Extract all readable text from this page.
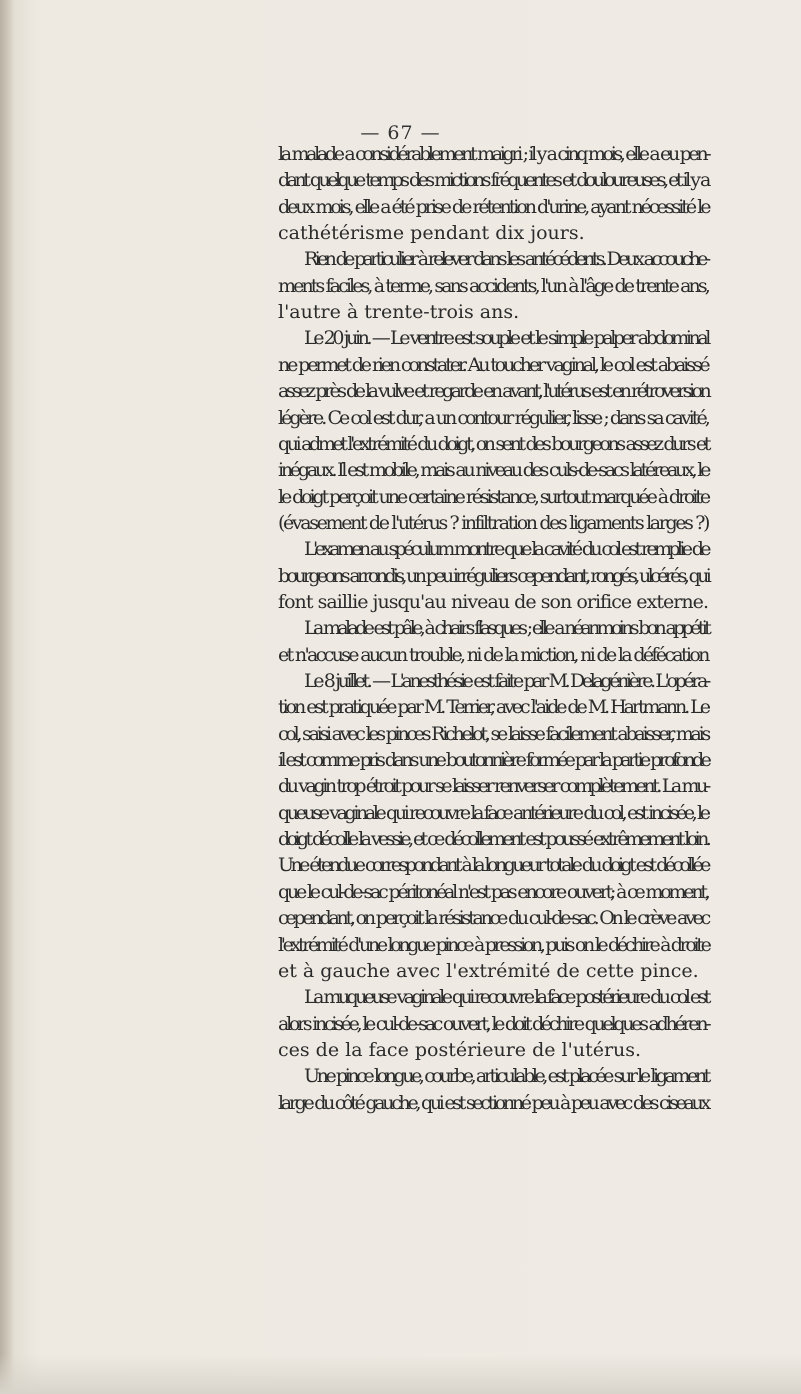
— 67 —
la malade a considérablement maigri ; il y a cinq mois, elle a eu pen-
dant quelque temps des mictions fréquentes et douloureuses, et il y a
deux mois, elle a été prise de rétention d'urine, ayant nécessité le
cathétérisme pendant dix jours.
Rien de particulier à relever dans les antécédents. Deux accouche-
ments faciles, à terme, sans accidents, l'un à l'âge de trente ans,
l'autre à trente-trois ans.
Le 20 juin. — Le ventre est souple et le simple palper abdominal
ne permet de rien constater. Au toucher vaginal, le col est abaissé
assez près de la vulve et regarde en avant, l'utérus est en rétroversion
légère. Ce col est dur, a un contour régulier, lisse ; dans sa cavité,
qui admet l'extrémité du doigt, on sent des bourgeons assez durs et
inégaux. Il est mobile, mais au niveau des culs-de-sacs latéreaux, le
le doigt perçoit une certaine résistance, surtout marquée à droite
(évasement de l'utérus ? infiltration des ligaments larges ?)
L'examen au spéculum montre que la cavité du col est remplie de
bourgeons arrondis, un peu irréguliers cependant, rongés, ulcérés, qui
font saillie jusqu'au niveau de son orifice externe.
La malade est pâle, à chairs flasques ; elle a néanmoins bon appétit
et n'accuse aucun trouble, ni de la miction, ni de la défécation
Le 8 juillet. — L'anesthésie est faite par M. Delagénière. L'opéra-
tion est pratiquée par M. Terrier, avec l'aide de M. Hartmann. Le
col, saisi avec les pinces Richelot, se laisse facilement abaisser, mais
il est comme pris dans une boutonnière formée par la partie profonde
du vagin trop étroit pour se laisser renverser complètement. La mu-
queuse vaginale qui recouvre la face antérieure du col, est incisée, le
doigt décolle la vessie, et ce décollement est poussé extrêmement loin.
Une étendue correspondant à la longueur totale du doigt est décollée
que le cul-de-sac péritonéal n'est pas encore ouvert; à ce moment,
cependant, on perçoit la résistance du cul-de-sac. On le crève avec
l'extrémité d'une longue pince à pression, puis on le déchire à droite
et à gauche avec l'extrémité de cette pince.
La muqueuse vaginale qui recouvre la face postérieure du col est
alors incisée, le cul-de-sac ouvert, le doit déchire quelques adhéren-
ces de la face postérieure de l'utérus.
Une pince longue, courbe, articulable, est placée sur le ligament
large du côté gauche, qui est sectionné peu à peu avec des ciseaux
